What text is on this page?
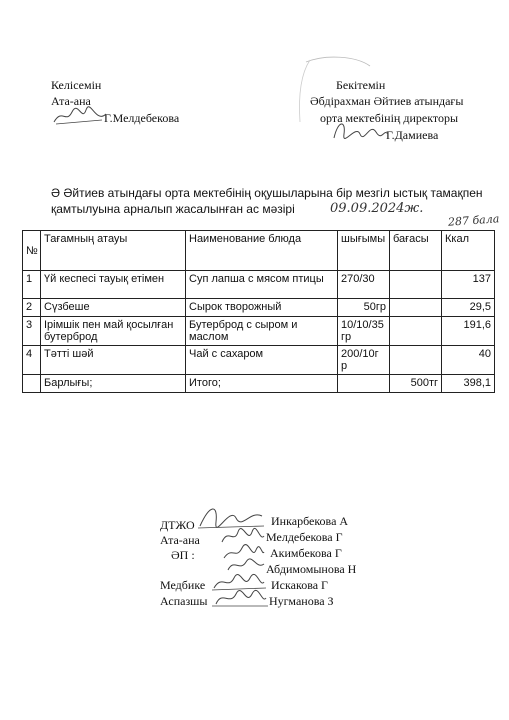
Келісемін
Ата-ана
Г.Мелдебекова
Бекітемін
Әбдірахман Әйтиев атындағы
орта мектебінің директоры
Г.Дамиева
Ә Әйтиев атындағы орта мектебінің оқушыларына бір мезгіл ыстық тамақпен
қамтылуына арналып жасалынған ас мәзірі	09.09.2024ж.
287 бала
№	Тағамның атауы	Наименование блюда	шығымы	бағасы	Ккал
1	Үй кеспесі тауық етімен	Суп лапша с мясом птицы	270/30		137
2	Сүзбеше	Сырок творожный	50гр		29,5
3	Ірімшік пен май қосылған бутерброд	Бутерброд с сыром и маслом	10/10/35 гр		191,6
4	Тәтті шәй	Чай с сахаром	200/10г р		40
	Барлығы;	Итого;		500тг	398,1
ДТЖО	Инкарбекова А
Ата-ана	Мелдебекова Г
ӘП :	Акимбекова Г
Абдимомынова Н
Медбике	Искакова Г
Аспазшы	Нугманова З
